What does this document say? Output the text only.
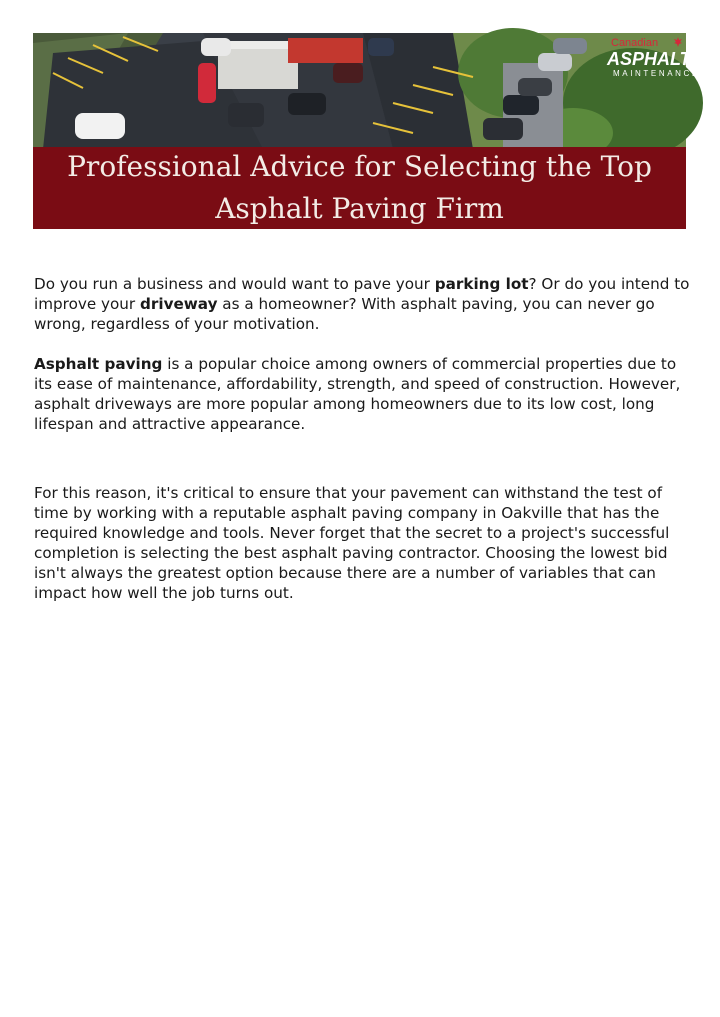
Canadian
ASPHALT
MAINTENANCE
Professional Advice for Selecting the Top Asphalt Paving Firm

Do you run a business and would want to pave your parking lot? Or do you intend to improve your driveway as a homeowner? With asphalt paving, you can never go wrong, regardless of your motivation.

Asphalt paving is a popular choice among owners of commercial properties due to its ease of maintenance, affordability, strength, and speed of construction. However, asphalt driveways are more popular among homeowners due to its low cost, long lifespan and attractive appearance.

For this reason, it's critical to ensure that your pavement can withstand the test of time by working with a reputable asphalt paving company in Oakville that has the required knowledge and tools. Never forget that the secret to a project's successful completion is selecting the best asphalt paving contractor. Choosing the lowest bid isn't always the greatest option because there are a number of variables that can impact how well the job turns out.
